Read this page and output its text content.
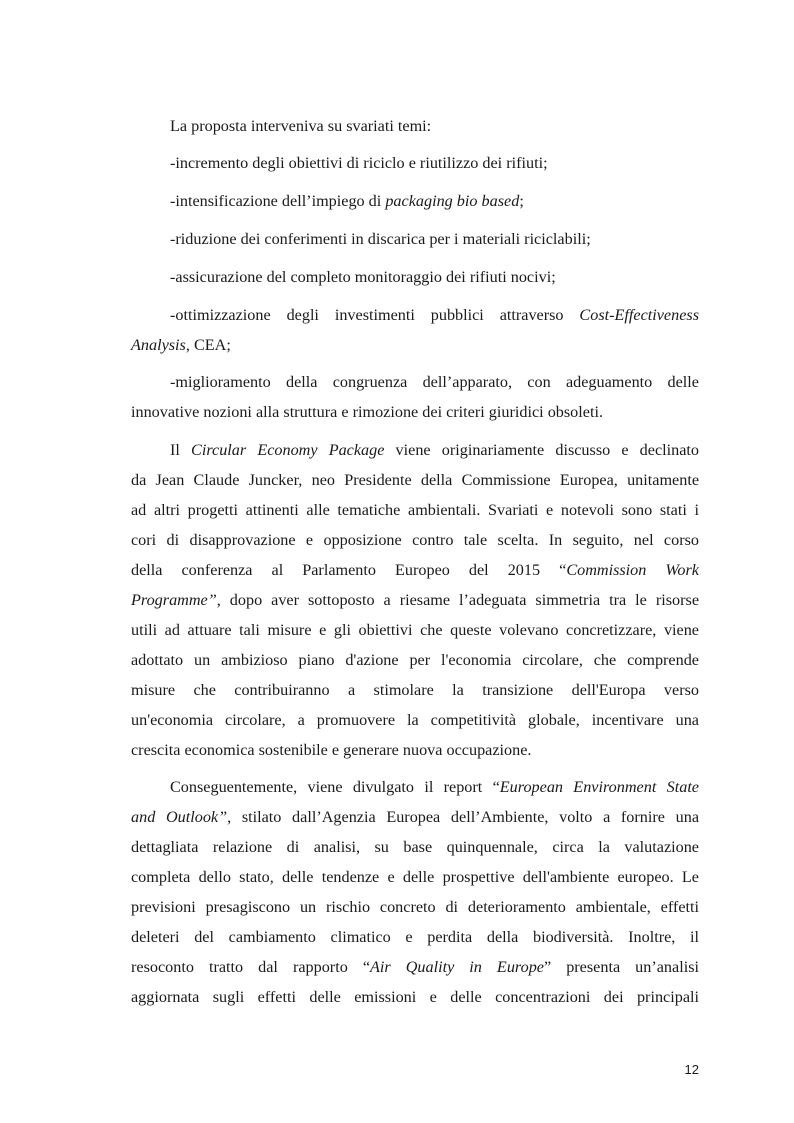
La proposta interveniva su svariati temi:
-incremento degli obiettivi di riciclo e riutilizzo dei rifiuti;
-intensificazione dell’impiego di packaging bio based;
-riduzione dei conferimenti in discarica per i materiali riciclabili;
-assicurazione del completo monitoraggio dei rifiuti nocivi;
-ottimizzazione degli investimenti pubblici attraverso Cost-Effectiveness
Analysis, CEA;
-miglioramento della congruenza dell’apparato, con adeguamento delle
innovative nozioni alla struttura e rimozione dei criteri giuridici obsoleti.
Il Circular Economy Package viene originariamente discusso e declinato
da Jean Claude Juncker, neo Presidente della Commissione Europea, unitamente
ad altri progetti attinenti alle tematiche ambientali. Svariati e notevoli sono stati i
cori di disapprovazione e opposizione contro tale scelta. In seguito, nel corso
della conferenza al Parlamento Europeo del 2015 “Commission Work
Programme”, dopo aver sottoposto a riesame l’adeguata simmetria tra le risorse
utili ad attuare tali misure e gli obiettivi che queste volevano concretizzare, viene
adottato un ambizioso piano d'azione per l'economia circolare, che comprende
misure che contribuiranno a stimolare la transizione dell'Europa verso
un'economia circolare, a promuovere la competitività globale, incentivare una
crescita economica sostenibile e generare nuova occupazione.
Conseguentemente, viene divulgato il report “European Environment State
and Outlook”, stilato dall’Agenzia Europea dell’Ambiente, volto a fornire una
dettagliata relazione di analisi, su base quinquennale, circa la valutazione
completa dello stato, delle tendenze e delle prospettive dell'ambiente europeo. Le
previsioni presagiscono un rischio concreto di deterioramento ambientale, effetti
deleteri del cambiamento climatico e perdita della biodiversità. Inoltre, il
resoconto tratto dal rapporto “Air Quality in Europe” presenta un’analisi
aggiornata sugli effetti delle emissioni e delle concentrazioni dei principali
12
